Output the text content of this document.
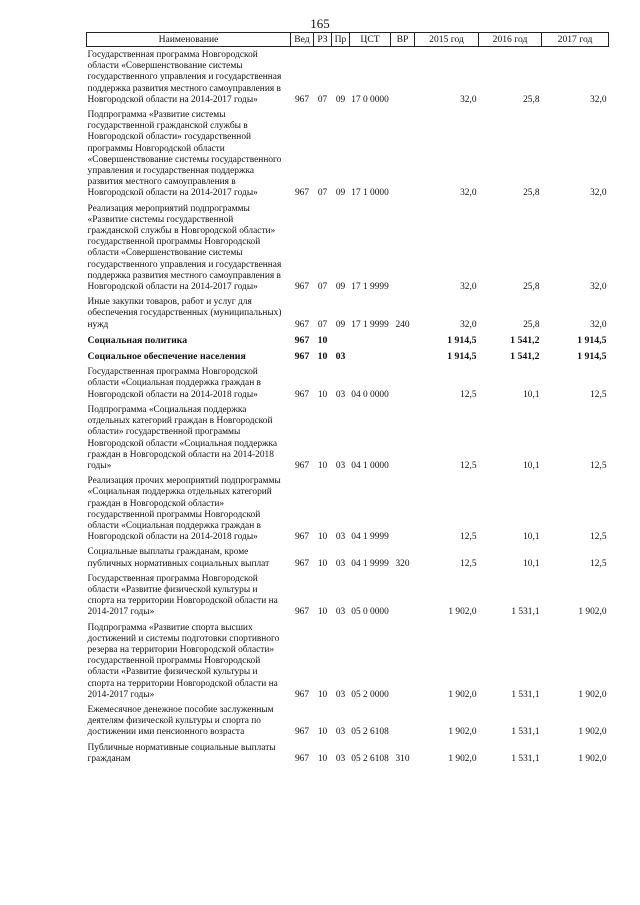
165
Наименование	Вед	РЗ	Пр	ЦСТ	ВР	2015 год	2016 год	2017 год
Государственная программа Новгородской области «Совершенствование системы государственного управления и государственная поддержка развития местного самоуправления в Новгородской области на 2014-2017 годы»	967	07	09	17 0 0000		32,0	25,8	32,0
Подпрограмма «Развитие системы государственной гражданской службы в Новгородской области» государственной программы Новгородской области «Совершенствование системы государственного управления и государственная поддержка развития местного самоуправления в Новгородской области на 2014-2017 годы»	967	07	09	17 1 0000		32,0	25,8	32,0
Реализация мероприятий подпрограммы «Развитие системы государственной гражданской службы в Новгородской области» государственной программы Новгородской области «Совершенствование системы государственного управления и государственная поддержка развития местного самоуправления в Новгородской области на 2014-2017 годы»	967	07	09	17 1 9999		32,0	25,8	32,0
Иные закупки товаров, работ и услуг для обеспечения государственных (муниципальных) нужд	967	07	09	17 1 9999	240	32,0	25,8	32,0
Социальная политика	967	10				1 914,5	1 541,2	1 914,5
Социальное обеспечение населения	967	10	03			1 914,5	1 541,2	1 914,5
Государственная программа Новгородской области «Социальная поддержка граждан в Новгородской области на 2014-2018 годы»	967	10	03	04 0 0000		12,5	10,1	12,5
Подпрограмма «Социальная поддержка отдельных категорий граждан в Новгородской области» государственной программы Новгородской области «Социальная поддержка граждан в Новгородской области на 2014-2018 годы»	967	10	03	04 1 0000		12,5	10,1	12,5
Реализация прочих мероприятий подпрограммы «Социальная поддержка отдельных категорий граждан в Новгородской области» государственной программы Новгородской области «Социальная поддержка граждан в Новгородской области на 2014-2018 годы»	967	10	03	04 1 9999		12,5	10,1	12,5
Социальные выплаты гражданам, кроме публичных нормативных социальных выплат	967	10	03	04 1 9999	320	12,5	10,1	12,5
Государственная программа Новгородской области «Развитие физической культуры и спорта на территории Новгородской области на 2014-2017 годы»	967	10	03	05 0 0000		1 902,0	1 531,1	1 902,0
Подпрограмма «Развитие спорта высших достижений и системы подготовки спортивного резерва на территории Новгородской области» государственной программы Новгородской области «Развитие физической культуры и спорта на территории Новгородской области на 2014-2017 годы»	967	10	03	05 2 0000		1 902,0	1 531,1	1 902,0
Ежемесячное денежное пособие заслуженным деятелям физической культуры и спорта по достижении ими пенсионного возраста	967	10	03	05 2 6108		1 902,0	1 531,1	1 902,0
Публичные нормативные социальные выплаты гражданам	967	10	03	05 2 6108	310	1 902,0	1 531,1	1 902,0
